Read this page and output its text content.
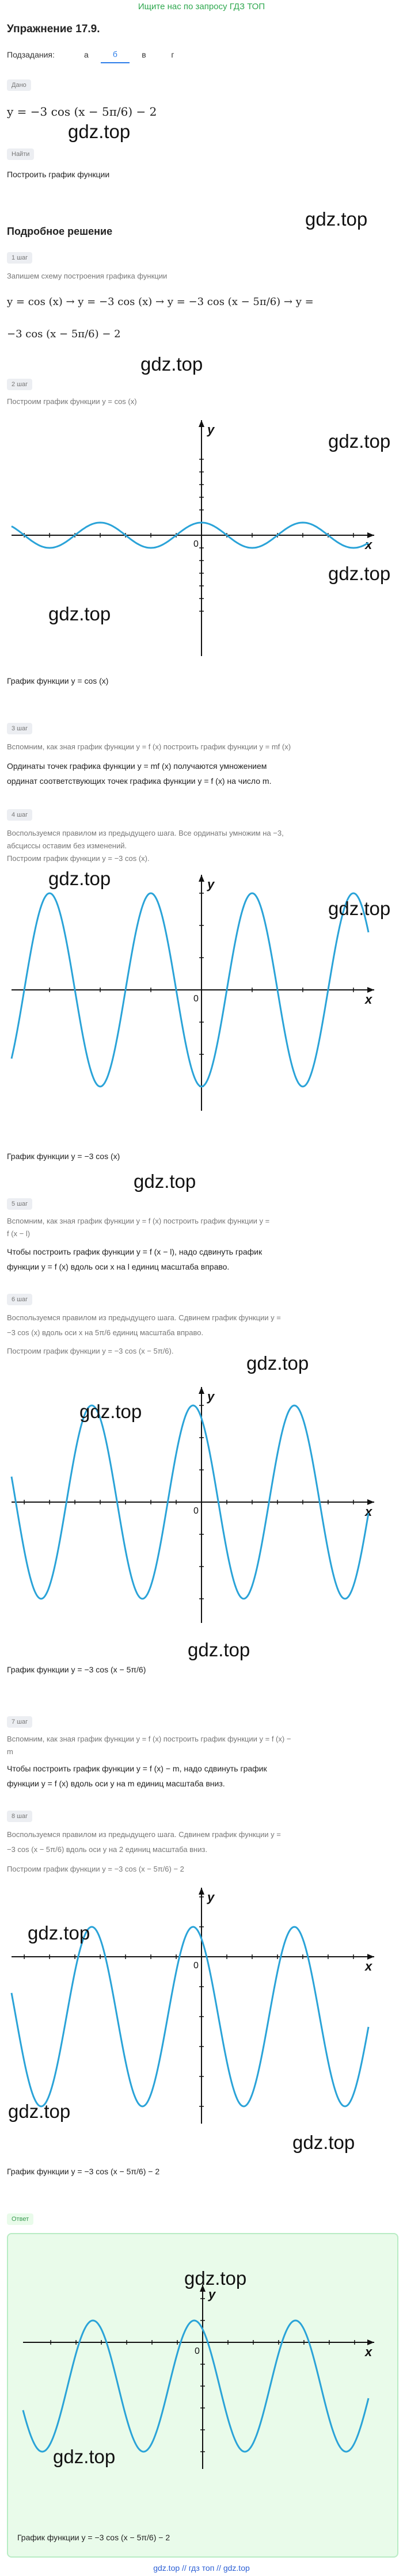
Ищите нас по запросу ГДЗ ТОП
Упражнение 17.9.
Подзадания:	а	б	в	г
Дано
y = −3 cos (x − 5π/6) − 2
gdz.top
Найти
Построить график функции
gdz.top
Подробное решение
1 шаг
Запишем схему построения графика функции
y = cos (x) → y = −3 cos (x) → y = −3 cos (x − 5π/6) → y =
−3 cos (x − 5π/6) − 2
gdz.top
2 шаг
Построим график функции y = cos (x)
x
y
0
gdz.top
gdz.top
gdz.top
График функции y = cos (x)
3 шаг
Вспомним, как зная график функции y = f (x) построить график функции y = mf (x)
Ординаты точек графика функции y = mf (x) получаются умножением
ординат соответствующих точек графика функции y = f (x) на число m.
4 шаг
Воспользуемся правилом из предыдущего шага. Все ординаты умножим на −3,
абсциссы оставим без изменений.
Построим график функции y = −3 cos (x).
gdz.top
x
y
0
gdz.top
График функции y = −3 cos (x)
gdz.top
5 шаг
Вспомним, как зная график функции y = f (x) построить график функции y =
f (x − l)
Чтобы построить график функции y = f (x − l), надо сдвинуть график
функции y = f (x) вдоль оси x на l единиц масштаба вправо.
6 шаг
Воспользуемся правилом из предыдущего шага. Сдвинем график функции y =
−3 cos (x) вдоль оси x на 5π/6 единиц масштаба вправо.
Построим график функции y = −3 cos (x − 5π/6).
gdz.top
x
y
0
gdz.top
gdz.top
График функции y = −3 cos (x − 5π/6)
7 шаг
Вспомним, как зная график функции y = f (x) построить график функции y = f (x) −
m
Чтобы построить график функции y = f (x) − m, надо сдвинуть график
функции y = f (x) вдоль оси y на m единиц масштаба вниз.
8 шаг
Воспользуемся правилом из предыдущего шага. Сдвинем график функции y =
−3 cos (x − 5π/6) вдоль оси y на 2 единиц масштаба вниз.
Построим график функции y = −3 cos (x − 5π/6) − 2
x
y
0
gdz.top
gdz.top
gdz.top
График функции y = −3 cos (x − 5π/6) − 2
Ответ
x
y
0
gdz.top
gdz.top
График функции y = −3 cos (x − 5π/6) − 2
gdz.top // гдз топ // gdz.top
